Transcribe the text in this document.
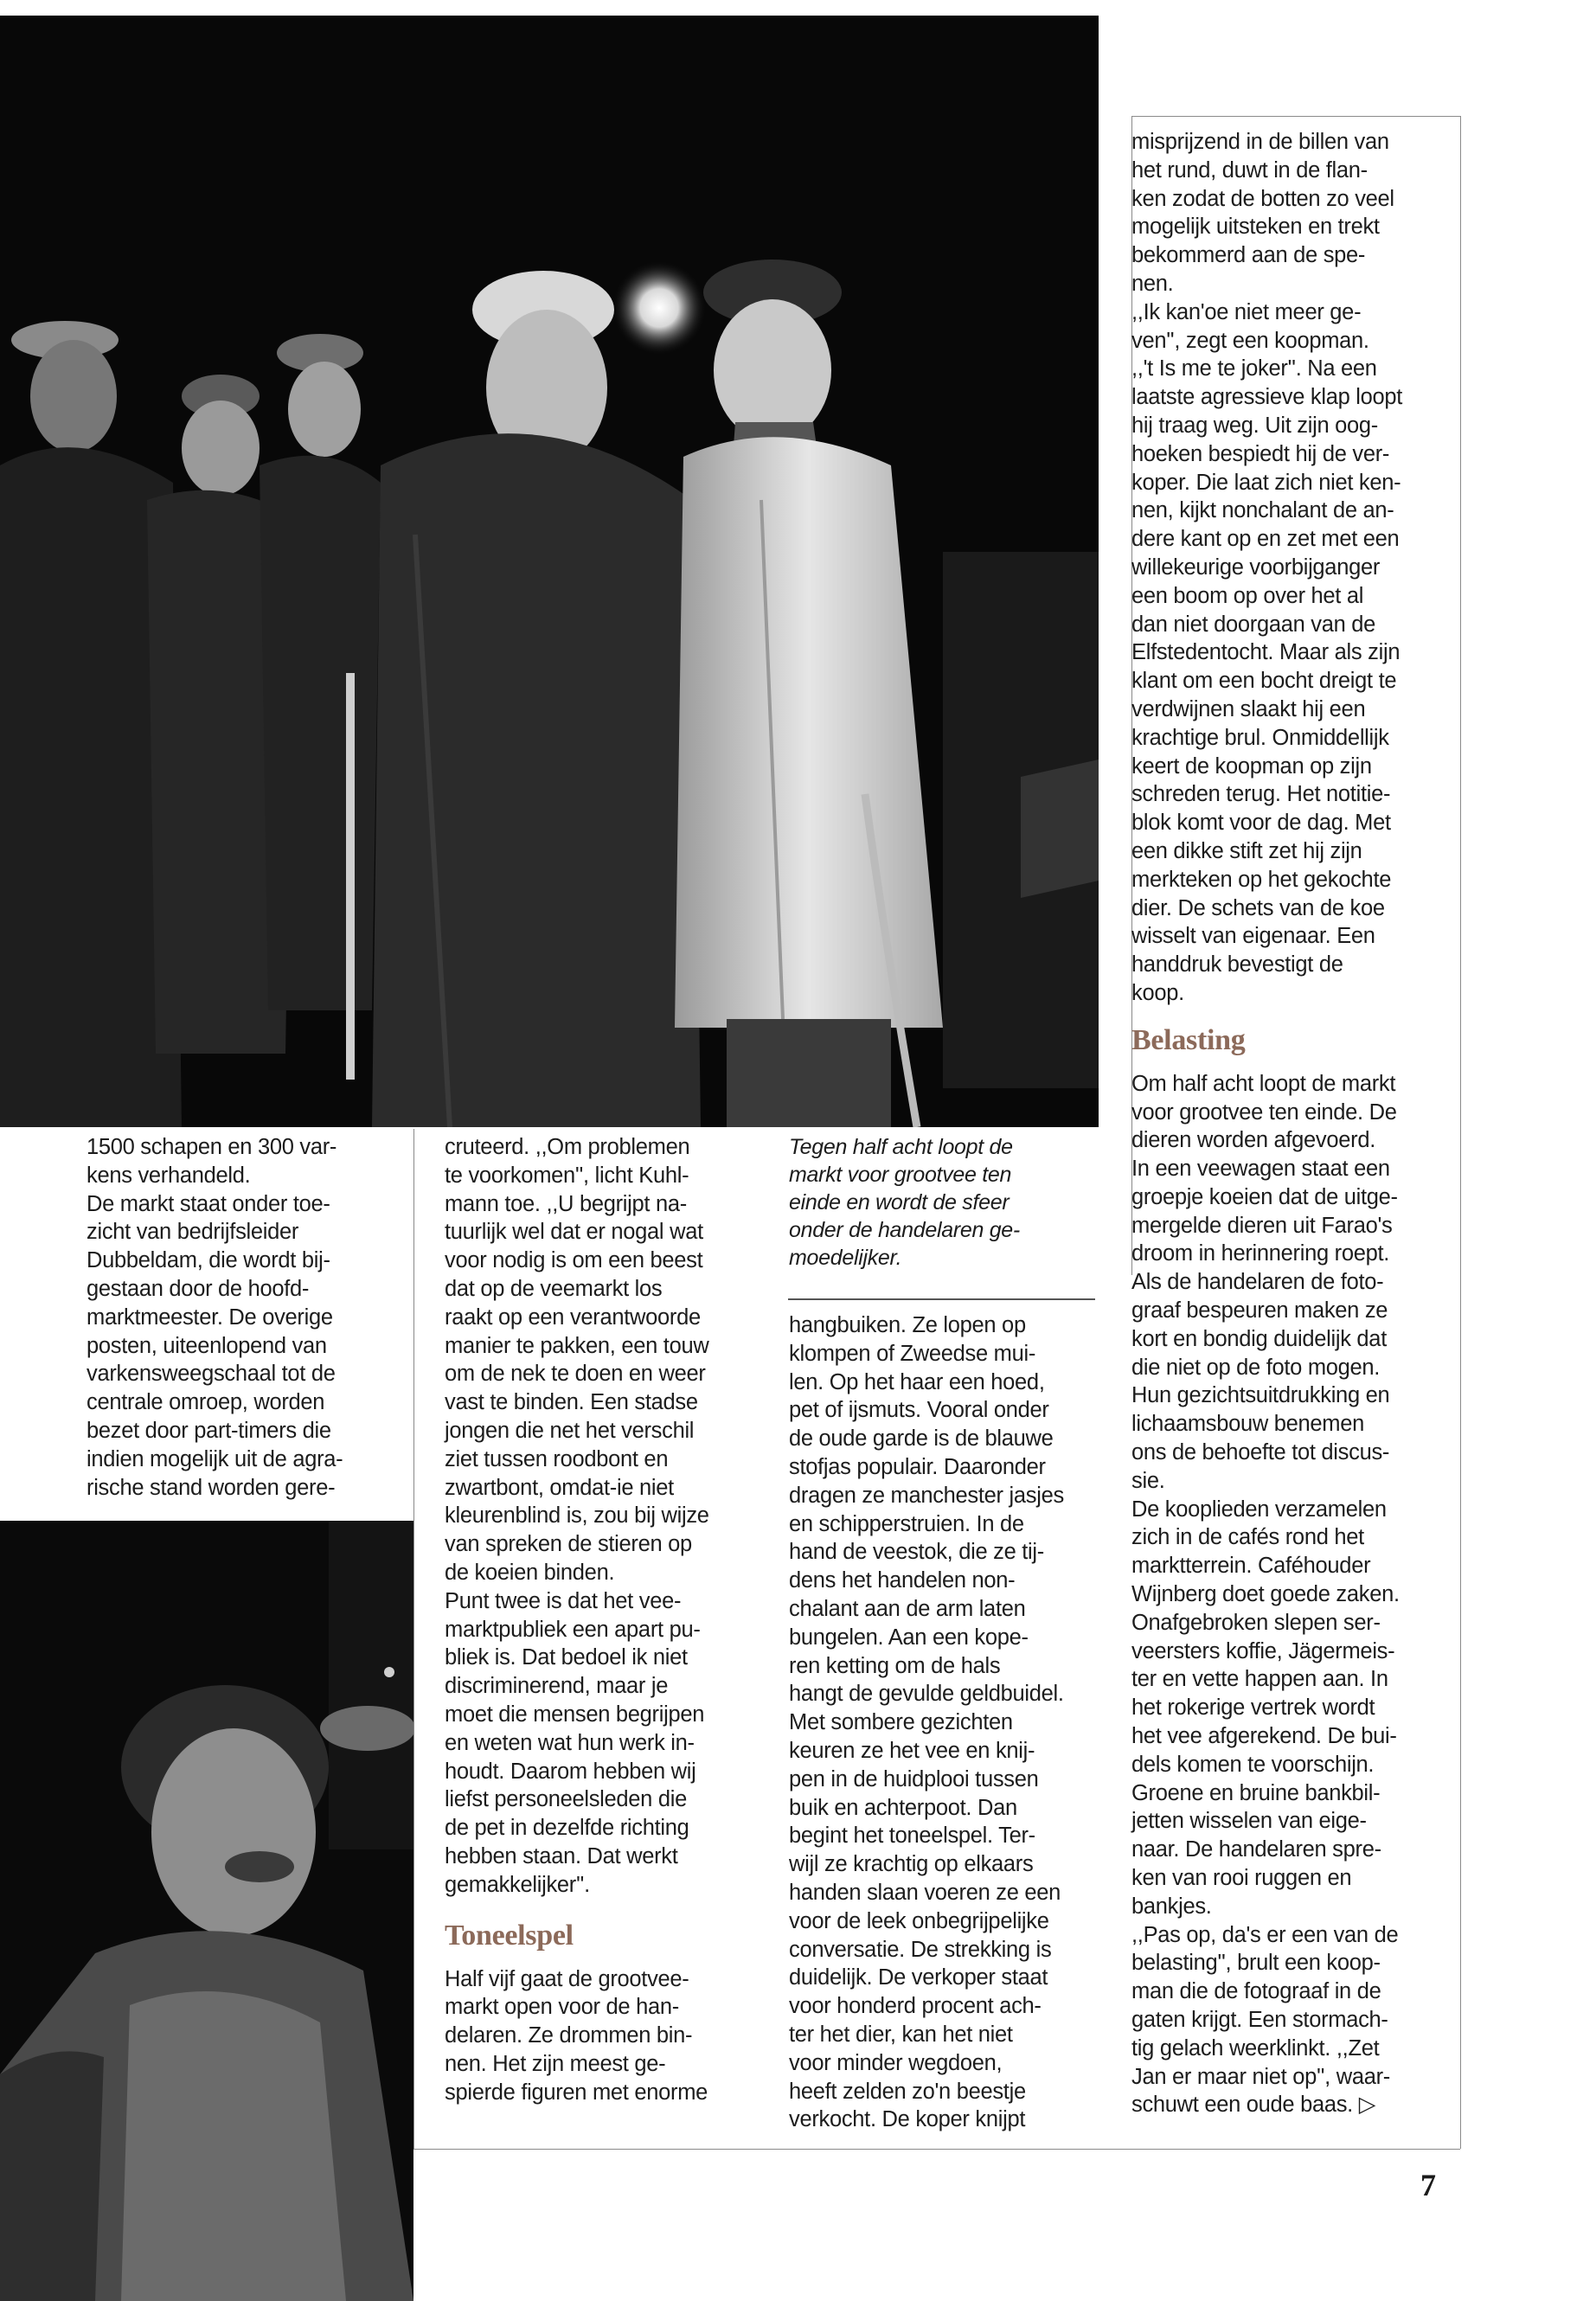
1500 schapen en 300 var-
kens verhandeld.
De markt staat onder toe-
zicht van bedrijfsleider
Dubbeldam, die wordt bij-
gestaan door de hoofd-
marktmeester. De overige
posten, uiteenlopend van
varkensweegschaal tot de
centrale omroep, worden
bezet door part-timers die
indien mogelijk uit de agra-
rische stand worden gere-

cruteerd. ,,Om problemen
te voorkomen'', licht Kuhl-
mann toe. ,,U begrijpt na-
tuurlijk wel dat er nogal wat
voor nodig is om een beest
dat op de veemarkt los
raakt op een verantwoorde
manier te pakken, een touw
om de nek te doen en weer
vast te binden. Een stadse
jongen die net het verschil
ziet tussen roodbont en
zwartbont, omdat-ie niet
kleurenblind is, zou bij wijze
van spreken de stieren op
de koeien binden.
Punt twee is dat het vee-
marktpubliek een apart pu-
bliek is. Dat bedoel ik niet
discriminerend, maar je
moet die mensen begrijpen
en weten wat hun werk in-
houdt. Daarom hebben wij
liefst personeelsleden die
de pet in dezelfde richting
hebben staan. Dat werkt
gemakkelijker''.

Toneelspel

Half vijf gaat de grootvee-
markt open voor de han-
delaren. Ze drommen bin-
nen. Het zijn meest ge-
spierde figuren met enorme

Tegen half acht loopt de
markt voor grootvee ten
einde en wordt de sfeer
onder de handelaren ge-
moedelijker.

hangbuiken. Ze lopen op
klompen of Zweedse mui-
len. Op het haar een hoed,
pet of ijsmuts. Vooral onder
de oude garde is de blauwe
stofjas populair. Daaronder
dragen ze manchester jasjes
en schipperstruien. In de
hand de veestok, die ze tij-
dens het handelen non-
chalant aan de arm laten
bungelen. Aan een kope-
ren ketting om de hals
hangt de gevulde geldbuidel.
Met sombere gezichten
keuren ze het vee en knij-
pen in de huidplooi tussen
buik en achterpoot. Dan
begint het toneelspel. Ter-
wijl ze krachtig op elkaars
handen slaan voeren ze een
voor de leek onbegrijpelijke
conversatie. De strekking is
duidelijk. De verkoper staat
voor honderd procent ach-
ter het dier, kan het niet
voor minder wegdoen,
heeft zelden zo'n beestje
verkocht. De koper knijpt

misprijzend in de billen van
het rund, duwt in de flan-
ken zodat de botten zo veel
mogelijk uitsteken en trekt
bekommerd aan de spe-
nen.
,,Ik kan'oe niet meer ge-
ven'', zegt een koopman.
,,'t Is me te joker''. Na een
laatste agressieve klap loopt
hij traag weg. Uit zijn oog-
hoeken bespiedt hij de ver-
koper. Die laat zich niet ken-
nen, kijkt nonchalant de an-
dere kant op en zet met een
willekeurige voorbijganger
een boom op over het al
dan niet doorgaan van de
Elfstedentocht. Maar als zijn
klant om een bocht dreigt te
verdwijnen slaakt hij een
krachtige brul. Onmiddellijk
keert de koopman op zijn
schreden terug. Het notitie-
blok komt voor de dag. Met
een dikke stift zet hij zijn
merkteken op het gekochte
dier. De schets van de koe
wisselt van eigenaar. Een
handdruk bevestigt de
koop.

Belasting

Om half acht loopt de markt
voor grootvee ten einde. De
dieren worden afgevoerd.
In een veewagen staat een
groepje koeien dat de uitge-
mergelde dieren uit Farao's
droom in herinnering roept.
Als de handelaren de foto-
graaf bespeuren maken ze
kort en bondig duidelijk dat
die niet op de foto mogen.
Hun gezichtsuitdrukking en
lichaamsbouw benemen
ons de behoefte tot discus-
sie.
De kooplieden verzamelen
zich in de cafés rond het
marktterrein. Caféhouder
Wijnberg doet goede zaken.
Onafgebroken slepen ser-
veersters koffie, Jägermeis-
ter en vette happen aan. In
het rokerige vertrek wordt
het vee afgerekend. De bui-
dels komen te voorschijn.
Groene en bruine bankbil-
jetten wisselen van eige-
naar. De handelaren spre-
ken van rooi ruggen en
bankjes.
,,Pas op, da's er een van de
belasting'', brult een koop-
man die de fotograaf in de
gaten krijgt. Een stormach-
tig gelach weerklinkt. ,,Zet
Jan er maar niet op'', waar-
schuwt een oude baas. ▷

7
